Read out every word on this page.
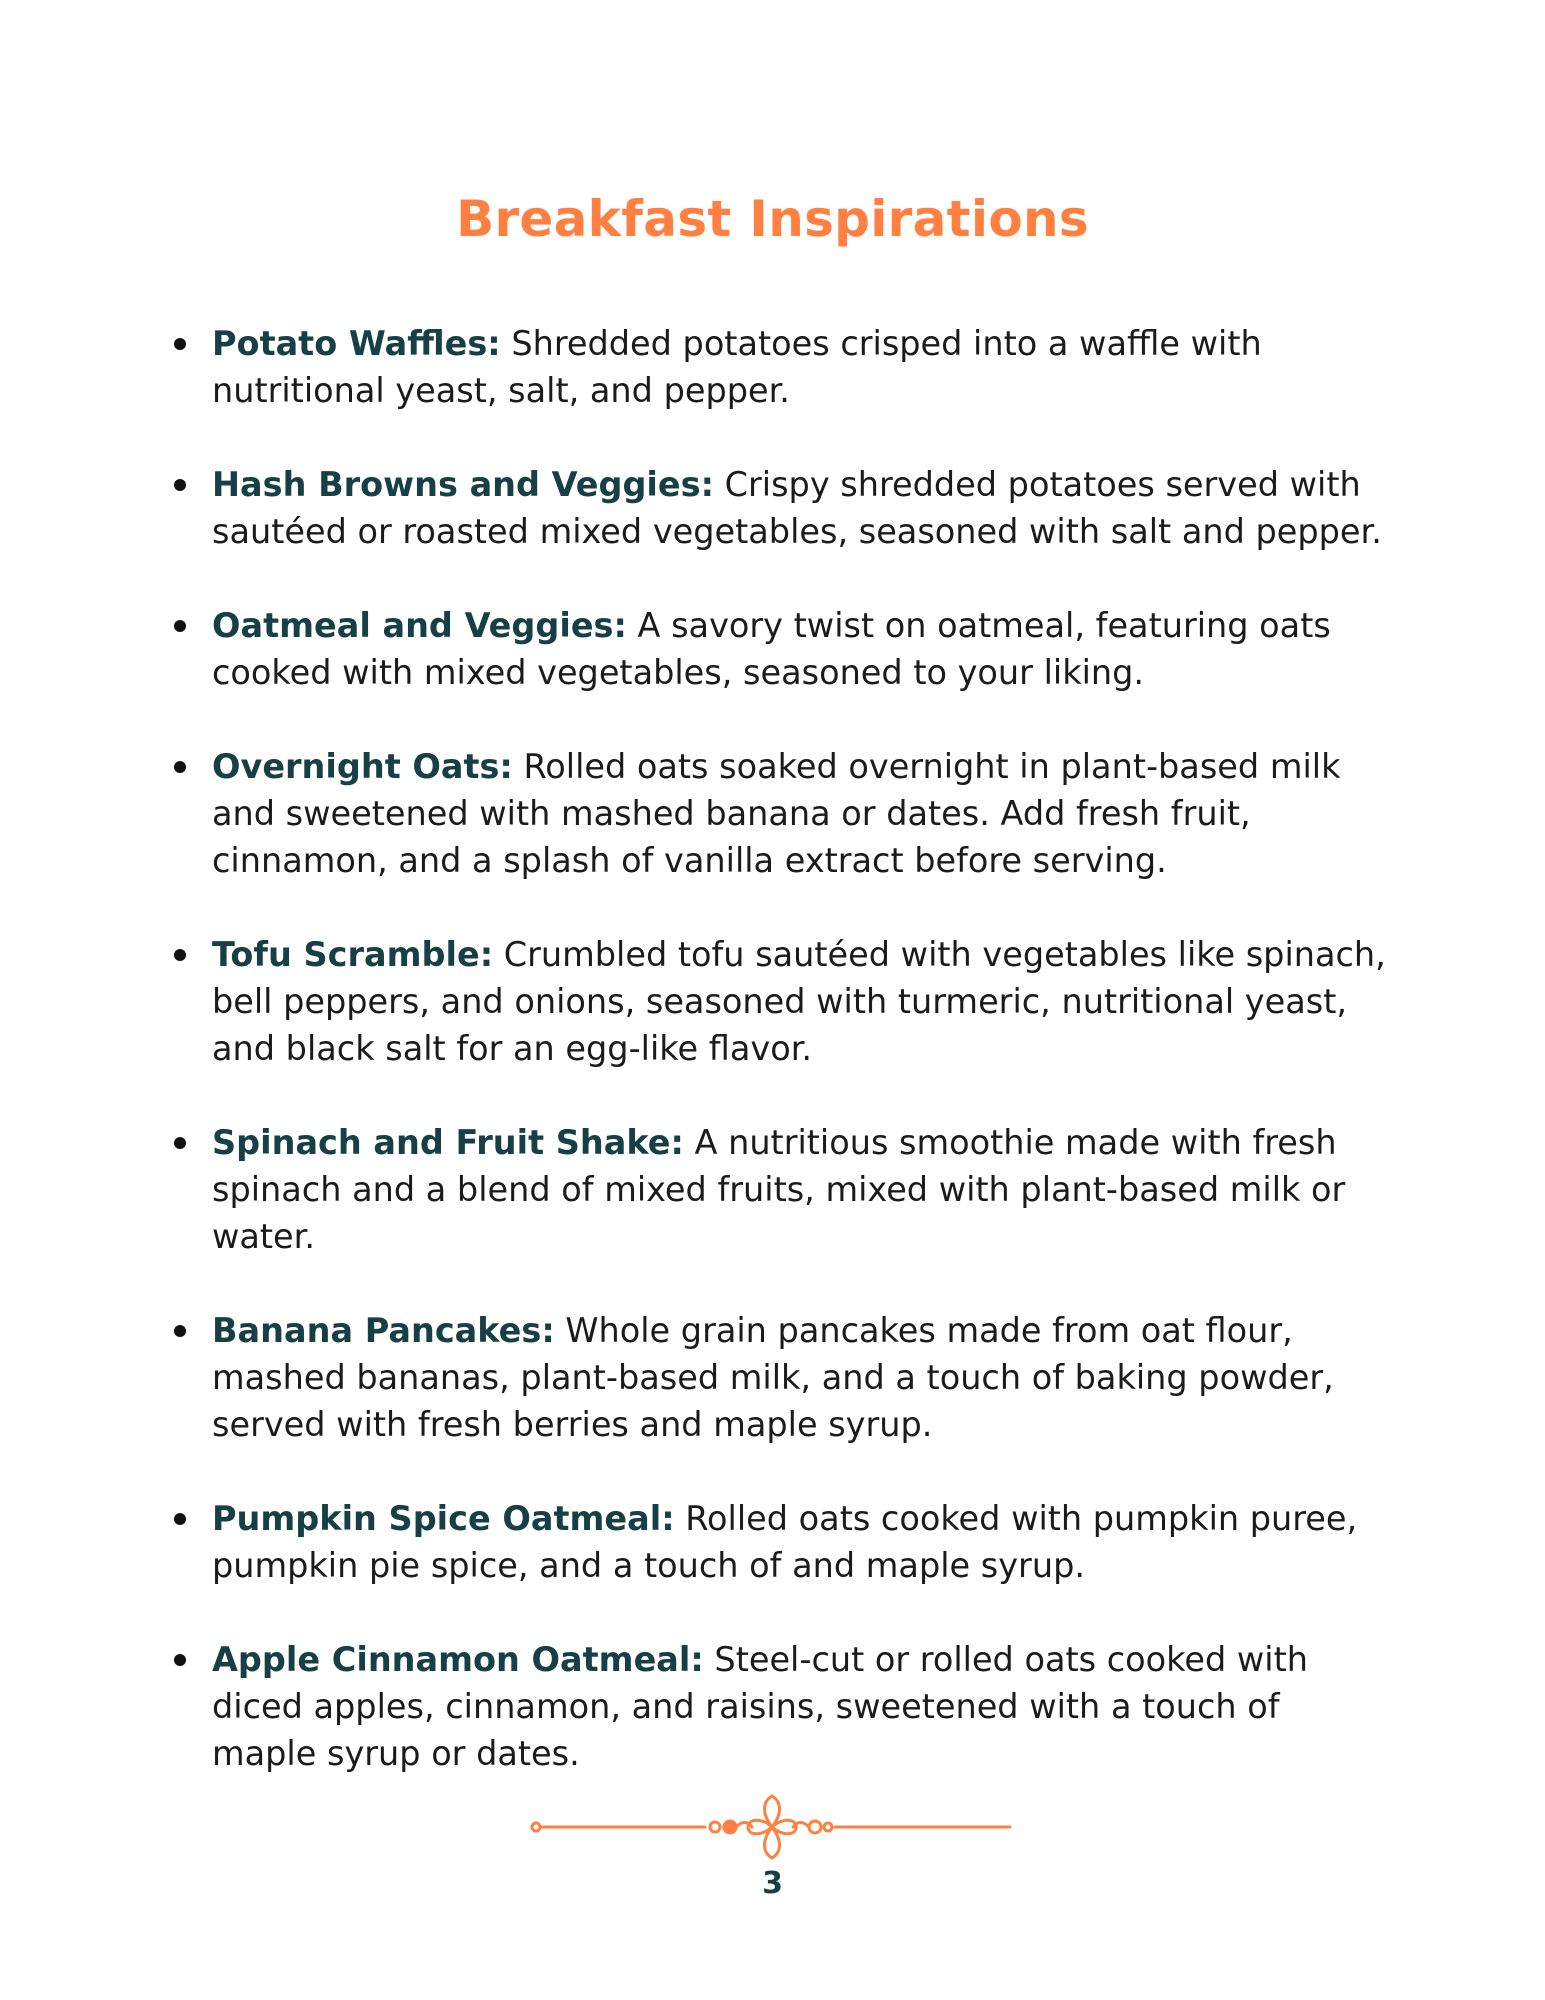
Breakfast Inspirations
Potato Waffles: Shredded potatoes crisped into a waffle with nutritional yeast, salt, and pepper.
Hash Browns and Veggies: Crispy shredded potatoes served with sautéed or roasted mixed vegetables, seasoned with salt and pepper.
Oatmeal and Veggies: A savory twist on oatmeal, featuring oats cooked with mixed vegetables, seasoned to your liking.
Overnight Oats: Rolled oats soaked overnight in plant-based milk and sweetened with mashed banana or dates. Add fresh fruit, cinnamon, and a splash of vanilla extract before serving.
Tofu Scramble: Crumbled tofu sautéed with vegetables like spinach, bell peppers, and onions, seasoned with turmeric, nutritional yeast, and black salt for an egg-like flavor.
Spinach and Fruit Shake: A nutritious smoothie made with fresh spinach and a blend of mixed fruits, mixed with plant-based milk or water.
Banana Pancakes: Whole grain pancakes made from oat flour, mashed bananas, plant-based milk, and a touch of baking powder, served with fresh berries and maple syrup.
Pumpkin Spice Oatmeal: Rolled oats cooked with pumpkin puree, pumpkin pie spice, and a touch of and maple syrup.
Apple Cinnamon Oatmeal: Steel-cut or rolled oats cooked with diced apples, cinnamon, and raisins, sweetened with a touch of maple syrup or dates.
3
